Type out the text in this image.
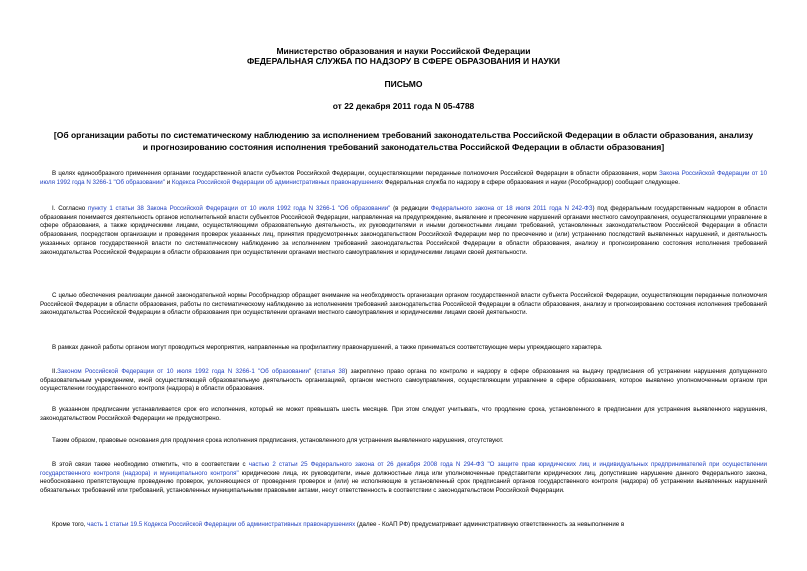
Министерство образования и науки Российской Федерации
ФЕДЕРАЛЬНАЯ СЛУЖБА ПО НАДЗОРУ В СФЕРЕ ОБРАЗОВАНИЯ И НАУКИ
ПИСЬМО
от 22 декабря 2011 года N 05-4788
[Об организации работы по систематическому наблюдению за исполнением требований законодательства Российской Федерации в области образования, анализу и прогнозированию состояния исполнения требований законодательства Российской Федерации в области образования]

В целях единообразного применения органами государственной власти субъектов Российской Федерации, осуществляющими переданные полномочия Российской Федерации в области образования, норм Закона Российской Федерации от 10 июля 1992 года N 3266-1 "Об образовании" и Кодекса Российской Федерации об административных правонарушениях Федеральная служба по надзору в сфере образования и науки (Рособрнадзор) сообщает следующее.

I. Согласно пункту 1 статьи 38 Закона Российской Федерации от 10 июля 1992 года N 3266-1 "Об образовании" (в редакции Федерального закона от 18 июля 2011 года N 242-ФЗ) под федеральным государственным надзором в области образования понимается деятельность органов исполнительной власти субъектов Российской Федерации, направленная на предупреждение, выявление и пресечение нарушений органами местного самоуправления, осуществляющими управление в сфере образования, а также юридическими лицами, осуществляющими образовательную деятельность, их руководителями и иными должностными лицами требований, установленных законодательством Российской Федерации в области образования, посредством организации и проведения проверок указанных лиц, принятия предусмотренных законодательством Российской Федерации мер по пресечению и (или) устранению последствий выявленных нарушений, и деятельность указанных органов государственной власти по систематическому наблюдению за исполнением требований законодательства Российской Федерации в области образования, анализу и прогнозированию состояния исполнения требований законодательства Российской Федерации в области образования при осуществлении органами местного самоуправления и юридическими лицами своей деятельности.

С целью обеспечения реализации данной законодательной нормы Рособрнадзор обращает внимание на необходимость организации органом государственной власти субъекта Российской Федерации, осуществляющим переданные полномочия Российской Федерации в области образования, работы по систематическому наблюдению за исполнением требований законодательства Российской Федерации в области образования, анализу и прогнозированию состояния исполнения требований законодательства Российской Федерации в области образования при осуществлении органами местного самоуправления и юридическими лицами своей деятельности.

В рамках данной работы органом могут проводиться мероприятия, направленные на профилактику правонарушений, а также приниматься соответствующие меры упреждающего характера.

II.Законом Российской Федерации от 10 июля 1992 года N 3266-1 "Об образовании" (статья 38) закреплено право органа по контролю и надзору в сфере образования на выдачу предписания об устранении нарушения допущенного образовательным учреждением, иной осуществляющей образовательную деятельность организацией, органом местного самоуправления, осуществляющим управление в сфере образования, которое выявлено уполномоченным органом при осуществлении государственного контроля (надзора) в области образования.

В указанном предписании устанавливается срок его исполнения, который не может превышать шесть месяцев. При этом следует учитывать, что продление срока, установленного в предписании для устранения выявленного нарушения, законодательством Российской Федерации не предусмотрено.

Таким образом, правовые основания для продления срока исполнения предписания, установленного для устранения выявленного нарушения, отсутствуют.

В этой связи также необходимо отметить, что в соответствии с частью 2 статьи 25 Федерального закона от 26 декабря 2008 года N 294-ФЗ "О защите прав юридических лиц и индивидуальных предпринимателей при осуществлении государственного контроля (надзора) и муниципального контроля" юридические лица, их руководители, иные должностные лица или уполномоченные представители юридических лиц, допустившие нарушение данного Федерального закона, необоснованно препятствующие проведению проверок, уклоняющиеся от проведения проверок и (или) не исполняющие в установленный срок предписаний органов государственного контроля (надзора) об устранении выявленных нарушений обязательных требований или требований, установленных муниципальными правовыми актами, несут ответственность в соответствии с законодательством Российской Федерации.

Кроме того, часть 1 статьи 19.5 Кодекса Российской Федерации об административных правонарушениях (далее - КоАП РФ) предусматривает административную ответственность за невыполнение в
